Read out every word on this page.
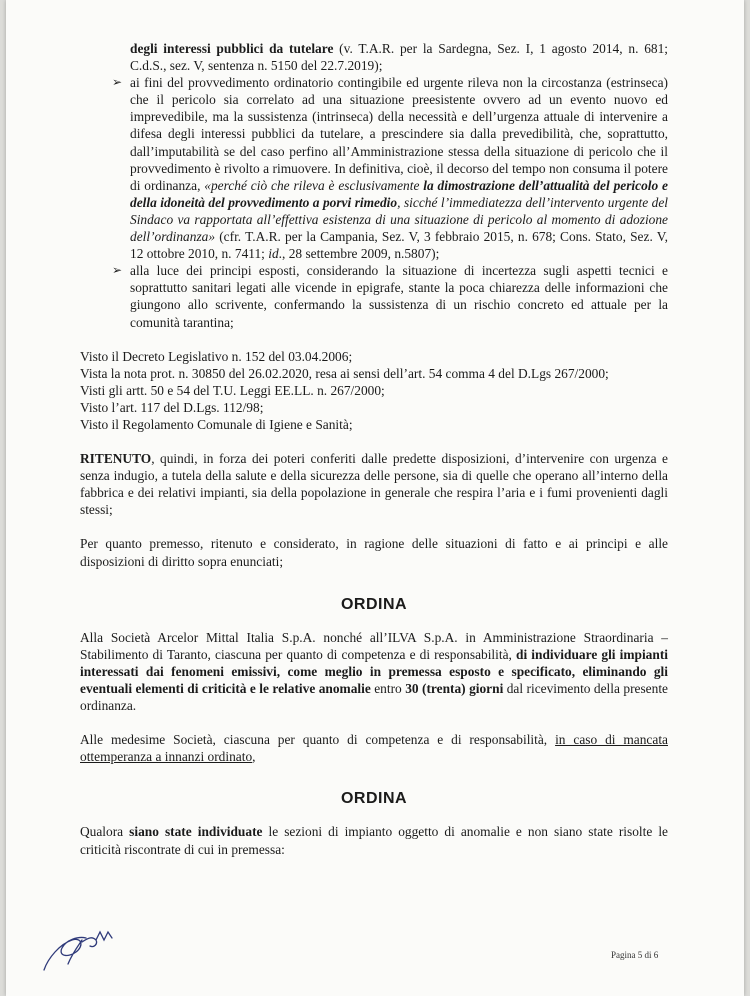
degli interessi pubblici da tutelare (v. T.A.R. per la Sardegna, Sez. I, 1 agosto 2014, n. 681; C.d.S., sez. V, sentenza n. 5150 del 22.7.2019);

➢ ai fini del provvedimento ordinatorio contingibile ed urgente rileva non la circostanza (estrinseca) che il pericolo sia correlato ad una situazione preesistente ovvero ad un evento nuovo ed imprevedibile, ma la sussistenza (intrinseca) della necessità e dell’urgenza attuale di intervenire a difesa degli interessi pubblici da tutelare, a prescindere sia dalla prevedibilità, che, soprattutto, dall’imputabilità se del caso perfino all’Amministrazione stessa della situazione di pericolo che il provvedimento è rivolto a rimuovere. In definitiva, cioè, il decorso del tempo non consuma il potere di ordinanza, «perché ciò che rileva è esclusivamente la dimostrazione dell’attualità del pericolo e della idoneità del provvedimento a porvi rimedio, sicché l’immediatezza dell’intervento urgente del Sindaco va rapportata all’effettiva esistenza di una situazione di pericolo al momento di adozione dell’ordinanza» (cfr. T.A.R. per la Campania, Sez. V, 3 febbraio 2015, n. 678; Cons. Stato, Sez. V, 12 ottobre 2010, n. 7411; id., 28 settembre 2009, n.5807);

➢ alla luce dei principi esposti, considerando la situazione di incertezza sugli aspetti tecnici e soprattutto sanitari legati alle vicende in epigrafe, stante la poca chiarezza delle informazioni che giungono allo scrivente, confermando la sussistenza di un rischio concreto ed attuale per la comunità tarantina;

Visto il Decreto Legislativo n. 152 del 03.04.2006;

Vista la nota prot. n. 30850 del 26.02.2020, resa ai sensi dell’art. 54 comma 4 del D.Lgs 267/2000;

Visti gli artt. 50 e 54 del T.U. Leggi EE.LL. n. 267/2000;

Visto l’art. 117 del D.Lgs. 112/98;

Visto il Regolamento Comunale di Igiene e Sanità;

RITENUTO, quindi, in forza dei poteri conferiti dalle predette disposizioni, d’intervenire con urgenza e senza indugio, a tutela della salute e della sicurezza delle persone, sia di quelle che operano all’interno della fabbrica e dei relativi impianti, sia della popolazione in generale che respira l’aria e i fumi provenienti dagli stessi;

Per quanto premesso, ritenuto e considerato, in ragione delle situazioni di fatto e ai principi e alle disposizioni di diritto sopra enunciati;

ORDINA

Alla Società Arcelor Mittal Italia S.p.A. nonché all’ILVA S.p.A. in Amministrazione Straordinaria – Stabilimento di Taranto, ciascuna per quanto di competenza e di responsabilità, di individuare gli impianti interessati dai fenomeni emissivi, come meglio in premessa esposto e specificato, eliminando gli eventuali elementi di criticità e le relative anomalie entro 30 (trenta) giorni dal ricevimento della presente ordinanza.

Alle medesime Società, ciascuna per quanto di competenza e di responsabilità, in caso di mancata ottemperanza a innanzi ordinato,

ORDINA

Qualora siano state individuate le sezioni di impianto oggetto di anomalie e non siano state risolte le criticità riscontrate di cui in premessa:

Pagina 5 di 6
